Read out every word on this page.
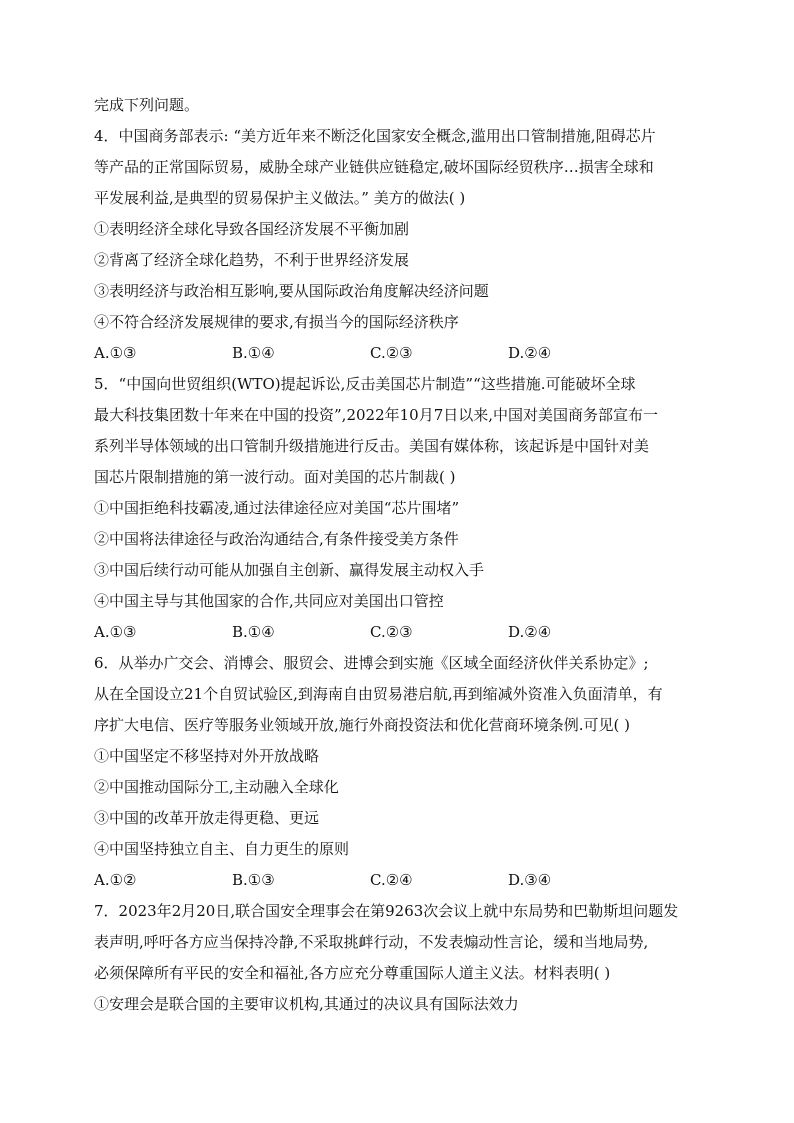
完成下列问题。

4．中国商务部表示: “美方近年来不断泛化国家安全概念,滥用出口管制措施,阻碍芯片

等产品的正常国际贸易，威胁全球产业链供应链稳定,破坏国际经贸秩序…损害全球和

平发展利益,是典型的贸易保护主义做法。” 美方的做法( )

①表明经济全球化导致各国经济发展不平衡加剧

②背离了经济全球化趋势，不利于世界经济发展

③表明经济与政治相互影响,要从国际政治角度解决经济问题

④不符合经济发展规律的要求,有损当今的国际经济秩序

A.①③	B.①④	C.②③	D.②④

5．“中国向世贸组织(WTO)提起诉讼,反击美国芯片制造”“这些措施.可能破坏全球

最大科技集团数十年来在中国的投资”,2022年10月7日以来,中国对美国商务部宣布一

系列半导体领域的出口管制升级措施进行反击。美国有媒体称，该起诉是中国针对美

国芯片限制措施的第一波行动。面对美国的芯片制裁( )

①中国拒绝科技霸凌,通过法律途径应对美国“芯片围堵”

②中国将法律途径与政治沟通结合,有条件接受美方条件

③中国后续行动可能从加强自主创新、赢得发展主动权入手

④中国主导与其他国家的合作,共同应对美国出口管控

A.①③	B.①④	C.②③	D.②④

6．从举办广交会、消博会、服贸会、进博会到实施《区域全面经济伙伴关系协定》;

从在全国设立21个自贸试验区,到海南自由贸易港启航,再到缩减外资准入负面清单，有

序扩大电信、医疗等服务业领域开放,施行外商投资法和优化营商环境条例.可见( )

①中国坚定不移坚持对外开放战略

②中国推动国际分工,主动融入全球化

③中国的改革开放走得更稳、更远

④中国坚持独立自主、自力更生的原则

A.①②	B.①③	C.②④	D.③④

7．2023年2月20日,联合国安全理事会在第9263次会议上就中东局势和巴勒斯坦问题发

表声明,呼吁各方应当保持冷静,不采取挑衅行动，不发表煽动性言论，缓和当地局势,

必须保障所有平民的安全和福祉,各方应充分尊重国际人道主义法。材料表明( )

①安理会是联合国的主要审议机构,其通过的决议具有国际法效力
